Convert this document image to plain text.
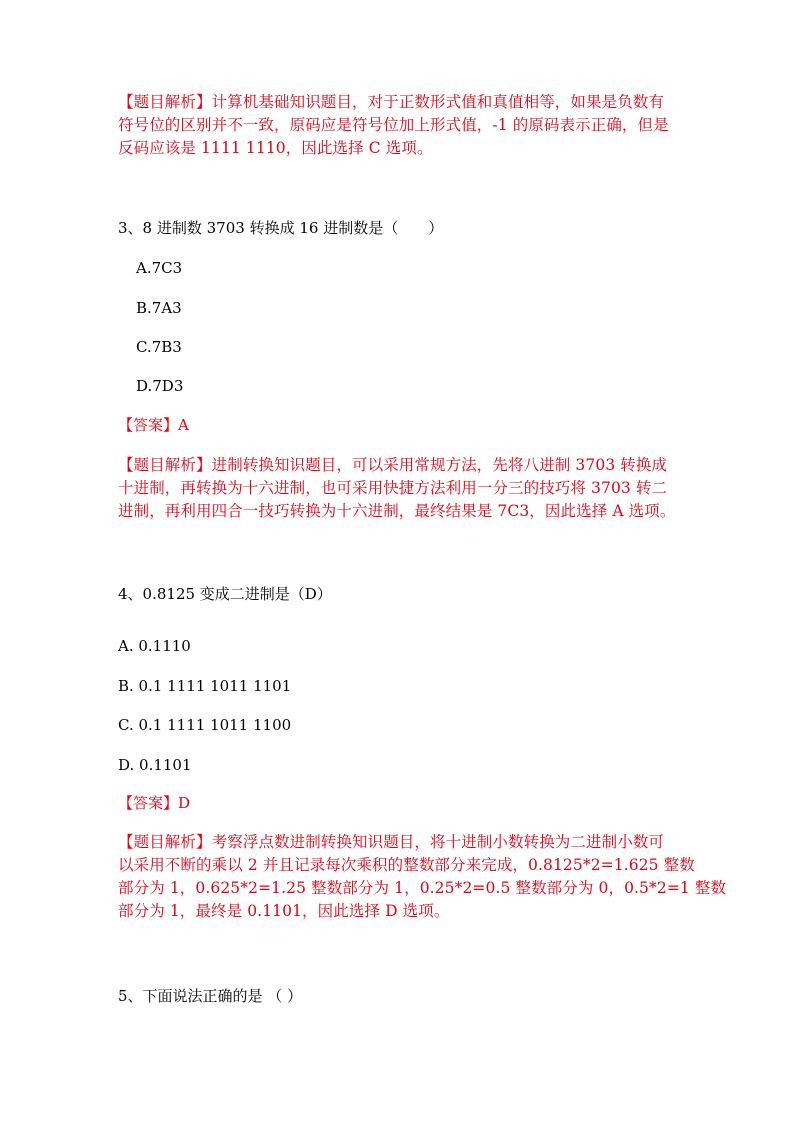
【题目解析】计算机基础知识题目，对于正数形式值和真值相等，如果是负数有
符号位的区别并不一致，原码应是符号位加上形式值，-1 的原码表示正确，但是
反码应该是 1111 1110，因此选择 C 选项。
3、8 进制数 3703 转换成 16 进制数是（　　）
A.7C3
B.7A3
C.7B3
D.7D3
【答案】A
【题目解析】进制转换知识题目，可以采用常规方法，先将八进制 3703 转换成
十进制，再转换为十六进制，也可采用快捷方法利用一分三的技巧将 3703 转二
进制，再利用四合一技巧转换为十六进制，最终结果是 7C3，因此选择 A 选项。
4、0.8125 变成二进制是（D）
A. 0.1110
B. 0.1 1111 1011 1101
C. 0.1 1111 1011 1100
D. 0.1101
【答案】D
【题目解析】考察浮点数进制转换知识题目，将十进制小数转换为二进制小数可
以采用不断的乘以 2 并且记录每次乘积的整数部分来完成，0.8125*2=1.625 整数
部分为 1，0.625*2=1.25 整数部分为 1，0.25*2=0.5 整数部分为 0，0.5*2=1 整数
部分为 1，最终是 0.1101，因此选择 D 选项。
5、下面说法正确的是 （ ）
